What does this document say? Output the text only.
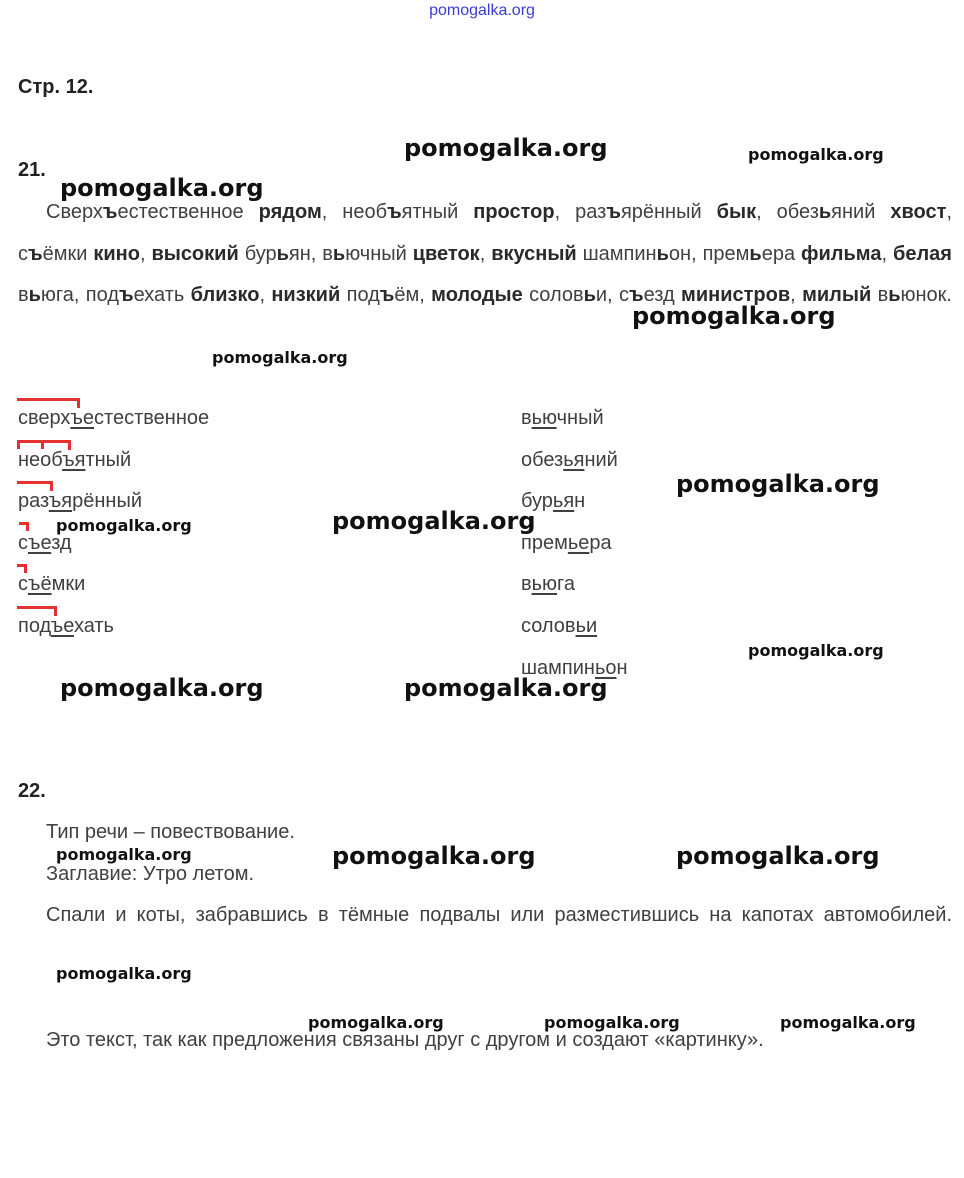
pomogalka.org
Стр. 12.
21.
Сверхъестественное рядом, необъятный простор, разъярённый бык, обезьяний хвост, съёмки кино, высокий бурьян, вьючный цветок, вкусный шампиньон, премьера фильма, белая вьюга, подъехать близко, низкий подъём, молодые соловьи, съезд министров, милый вьюнок.
сверхъестественное
необъятный
разъярённый
съезд
съёмки
подъехать
вьючный
обезьяний
бурьян
премьера
вьюга
соловьи
шампиньон
22.
Тип речи – повествование.
Заглавие: Утро летом.
Спали и коты, забравшись в тёмные подвалы или разместившись на капотах автомобилей.
Это текст, так как предложения связаны друг с другом и создают «картинку».
pomogalka.org	pomogalka.org
pomogalka.org
pomogalka.org
pomogalka.org
pomogalka.org
pomogalka.org	pomogalka.org
pomogalka.org
pomogalka.org	pomogalka.org
pomogalka.org	pomogalka.org	pomogalka.org
pomogalka.org
pomogalka.org	pomogalka.org	pomogalka.org
